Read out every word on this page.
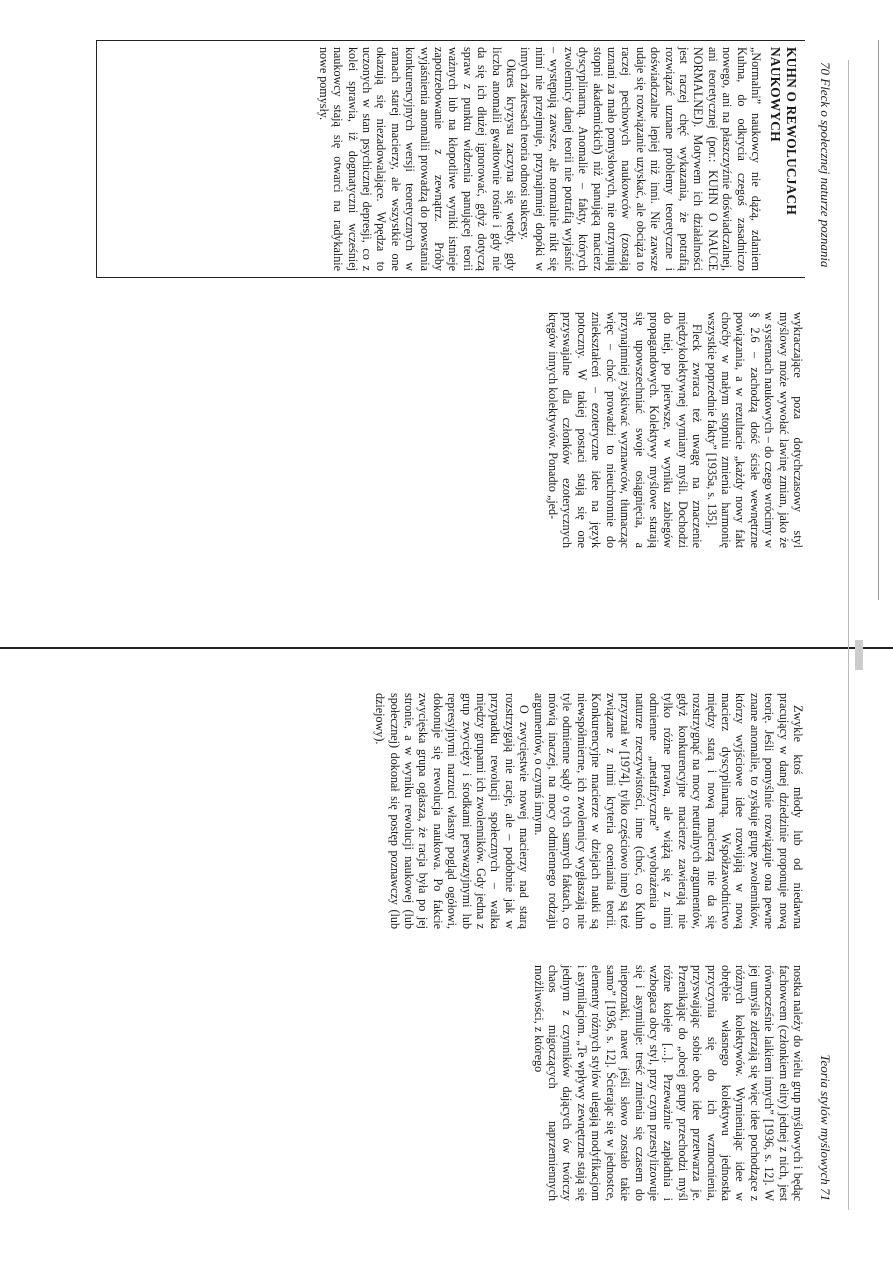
70 Fleck o społecznej naturze poznania
KUHN O REWOLUCJACH NAUKOWYCH

„Normalni” naukowcy nie dążą, zdaniem Kuhna, do odkrycia czegoś zasadniczo nowego, ani na płaszczyźnie doświadczalnej, ani teoretycznej (por.: KUHN O NAUCE NORMALNEJ). Motywem ich działalności jest raczej chęć wykazania, że potrafią rozwiązać uznane problemy teoretyczne i doświadczalne lepiej niż inni. Nie zawsze udaje się rozwiązanie uzyskać, ale obciąża to raczej pechowych naukowców (zostają uznani za mało pomysłowych, nie otrzymują stopni akademickich) niż panującą macierz dyscyplinarną. Anomalie – fakty, których zwolennicy danej teorii nie potrafią wyjaśnić – występują zawsze, ale normalnie nikt się nimi nie przejmuje, przynajmniej dopóki w innych zakresach teoria odnosi sukcesy.

Okres kryzysu zaczyna się wtedy, gdy liczba anomalii gwałtownie rośnie i gdy nie da się ich dłużej ignorować, gdyż dotyczą spraw z punktu widzenia panującej teorii ważnych lub na kłopotliwe wyniki istnieje zapotrzebowanie z zewnątrz. Próby wyjaśnienia anomalii prowadzą do powstania konkurencyjnych wersji teoretycznych w ramach starej macierzy, ale wszystkie one okazują się niezadowalające. Wpędza to uczonych w stan psychicznej depresji, co z kolei sprawia, iż dogmatyczni wcześniej naukowcy stają się otwarci na radykalnie nowe pomysły.

wykraczające poza dotychczasowy styl myślowy może wywołać lawinę zmian, jako że w systemach naukowych – do czego wrócimy w § 2.6 – zachodzą dość ścisłe wewnętrzne powiązania, a w rezultacie „każdy nowy fakt choćby w małym stopniu zmienia harmonię wszystkie poprzednie fakty” [1935a, s. 135].

Fleck zwraca też uwagę na znaczenie międzykolektywnej wymiany myśli. Dochodzi do niej, po pierwsze, w wyniku zabiegów propagandowych. Kolektywy myślowe starają się upowszechniać swoje osiągnięcia, a przynajmniej zyskiwać wyznawców, tłumacząc więc – choć prowadzi to nieuchronnie do zniekształceń – ezoteryczne idee na język potoczny. W takiej postaci stają się one przyswajalne dla członków ezoterycznych kręgów innych kolektywów. Ponadto „jed-

Teoria stylów myślowych 71

Zwykle ktoś młody lub od niedawna pracujący w danej dziedzinie proponuje nową teorię. Jeśli pomyślnie rozwiązuje ona pewne znane anomalie, to zyskuje grupę zwolenników, którzy wyjściowe idee rozwijają w nową macierz dyscyplinarną. Współzawodnictwo między starą i nową macierzą nie da się rozstrzygnąć na mocy neutralnych argumentów, gdyż konkurencyjne macierze zawierają nie tylko różne prawa, ale wiążą się z nimi odmienne „metafizyczne” wyobrażenia o naturze rzeczywistości, inne (choć, co Kuhn przyznał w [1974], tylko częściowo inne) są też związane z nimi kryteria oceniania teorii. Konkurencyjne macierze w dziejach nauki są niewspółmierne, ich zwolennicy wygłaszają nie tyle odmienne sądy o tych samych faktach, co mówią inaczej, na mocy odmiennego rodzaju argumentów, o czymś innym.

O zwycięstwie nowej macierzy nad starą rozstrzygają nie racje, ale – podobnie jak w przypadku rewolucji społecznych – walka między grupami ich zwolenników. Gdy jedna z grup zwycięży i środkami perswazyjnymi lub represyjnymi narzuci własny pogląd ogółowi, dokonuje się rewolucja naukowa. Po fakcie zwycięska grupa ogłasza, że racja była po jej stronie, a w wyniku rewolucji naukowej (lub społecznej) dokonał się postęp poznawczy (lub dziejowy).

nostka należy do wielu grup myślowych i będąc fachowcem (członkiem elity) jednej z nich, jest równocześnie laikiem innych” [1936, s. 12]. W jej umyśle zderzają się więc idee pochodzące z różnych kolektywów. Wymieniając idee w obrębie własnego kolektywu jednostka przyczynia się do ich wzmocnienia, przyswajając sobie obce idee przetwarza je. Przenikając do „obcej grupy przechodzi myśl różne koleje [...]. Przeważnie zapładnia i wzbogaca obcy styl, przy czym przestylizowuje się i asymiluje: treść zmienia się czasem do niepoznaki, nawet jeśli słowo zostało takie samo” [1936, s. 12]. Ścierając się w jednostce, elementy różnych stylów ulegają modyfikacjom i asymilacjom. „Te wpływy zewnętrzne stają się jednym z czynników dających ów twórczy chaos migoczących naprzemiennych możliwości, z którego
